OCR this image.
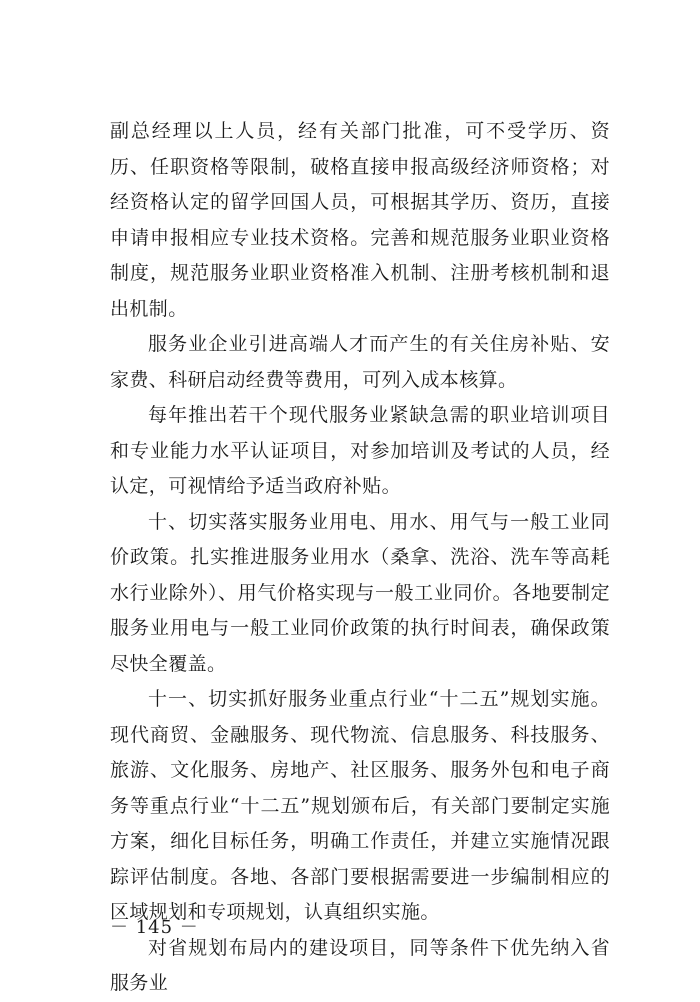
副总经理以上人员，经有关部门批准，可不受学历、资历、任职资格等限制，破格直接申报高级经济师资格；对经资格认定的留学回国人员，可根据其学历、资历，直接申请申报相应专业技术资格。完善和规范服务业职业资格制度，规范服务业职业资格准入机制、注册考核机制和退出机制。

服务业企业引进高端人才而产生的有关住房补贴、安家费、科研启动经费等费用，可列入成本核算。

每年推出若干个现代服务业紧缺急需的职业培训项目和专业能力水平认证项目，对参加培训及考试的人员，经认定，可视情给予适当政府补贴。

十、切实落实服务业用电、用水、用气与一般工业同价政策。扎实推进服务业用水（桑拿、洗浴、洗车等高耗水行业除外）、用气价格实现与一般工业同价。各地要制定服务业用电与一般工业同价政策的执行时间表，确保政策尽快全覆盖。

十一、切实抓好服务业重点行业“十二五”规划实施。现代商贸、金融服务、现代物流、信息服务、科技服务、旅游、文化服务、房地产、社区服务、服务外包和电子商务等重点行业“十二五”规划颁布后，有关部门要制定实施方案，细化目标任务，明确工作责任，并建立实施情况跟踪评估制度。各地、各部门要根据需要进一步编制相应的区域规划和专项规划，认真组织实施。

对省规划布局内的建设项目，同等条件下优先纳入省服务业

－ 145 －
